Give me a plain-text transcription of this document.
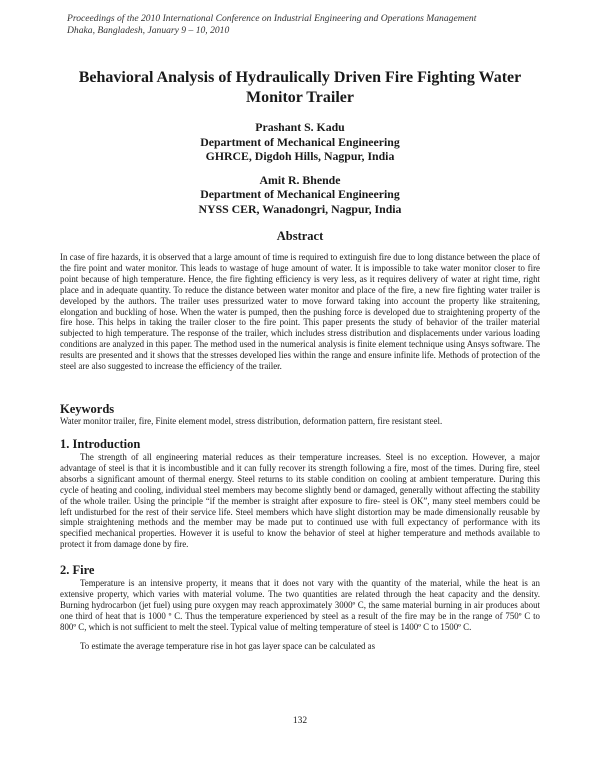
Proceedings of the 2010 International Conference on Industrial Engineering and Operations Management
Dhaka, Bangladesh, January 9 – 10, 2010
Behavioral Analysis of Hydraulically Driven Fire Fighting Water Monitor Trailer
Prashant S. Kadu
Department of Mechanical Engineering
GHRCE, Digdoh Hills, Nagpur, India
Amit R. Bhende
Department of Mechanical Engineering
NYSS CER, Wanadongri, Nagpur, India
Abstract

In case of fire hazards, it is observed that a large amount of time is required to extinguish fire due to long distance between the place of the fire point and water monitor. This leads to wastage of huge amount of water. It is impossible to take water monitor closer to fire point because of high temperature. Hence, the fire fighting efficiency is very less, as it requires delivery of water at right time, right place and in adequate quantity. To reduce the distance between water monitor and place of the fire, a new fire fighting water trailer is developed by the authors. The trailer uses pressurized water to move forward taking into account the property like straitening, elongation and buckling of hose. When the water is pumped, then the pushing force is developed due to straightening property of the fire hose. This helps in taking the trailer closer to the fire point. This paper presents the study of behavior of the trailer material subjected to high temperature. The response of the trailer, which includes stress distribution and displacements under various loading conditions are analyzed in this paper. The method used in the numerical analysis is finite element technique using Ansys software. The results are presented and it shows that the stresses developed lies within the range and ensure infinite life. Methods of protection of the steel are also suggested to increase the efficiency of the trailer.

Keywords

Water monitor trailer, fire, Finite element model, stress distribution, deformation pattern, fire resistant steel.

1. Introduction

The strength of all engineering material reduces as their temperature increases. Steel is no exception. However, a major advantage of steel is that it is incombustible and it can fully recover its strength following a fire, most of the times. During fire, steel absorbs a significant amount of thermal energy. Steel returns to its stable condition on cooling at ambient temperature. During this cycle of heating and cooling, individual steel members may become slightly bend or damaged, generally without affecting the stability of the whole trailer. Using the principle “if the member is straight after exposure to fire- steel is OK”, many steel members could be left undisturbed for the rest of their service life. Steel members which have slight distortion may be made dimensionally reusable by simple straightening methods and the member may be made put to continued use with full expectancy of performance with its specified mechanical properties. However it is useful to know the behavior of steel at higher temperature and methods available to protect it from damage done by fire.

2. Fire

Temperature is an intensive property, it means that it does not vary with the quantity of the material, while the heat is an extensive property, which varies with material volume. The two quantities are related through the heat capacity and the density. Burning hydrocarbon (jet fuel) using pure oxygen may reach approximately 3000º C, the same material burning in air produces about one third of heat that is 1000 º C. Thus the temperature experienced by steel as a result of the fire may be in the range of 750º C to 800º C, which is not sufficient to melt the steel. Typical value of melting temperature of steel is 1400º C to 1500º C.

To estimate the average temperature rise in hot gas layer space can be calculated as

132
